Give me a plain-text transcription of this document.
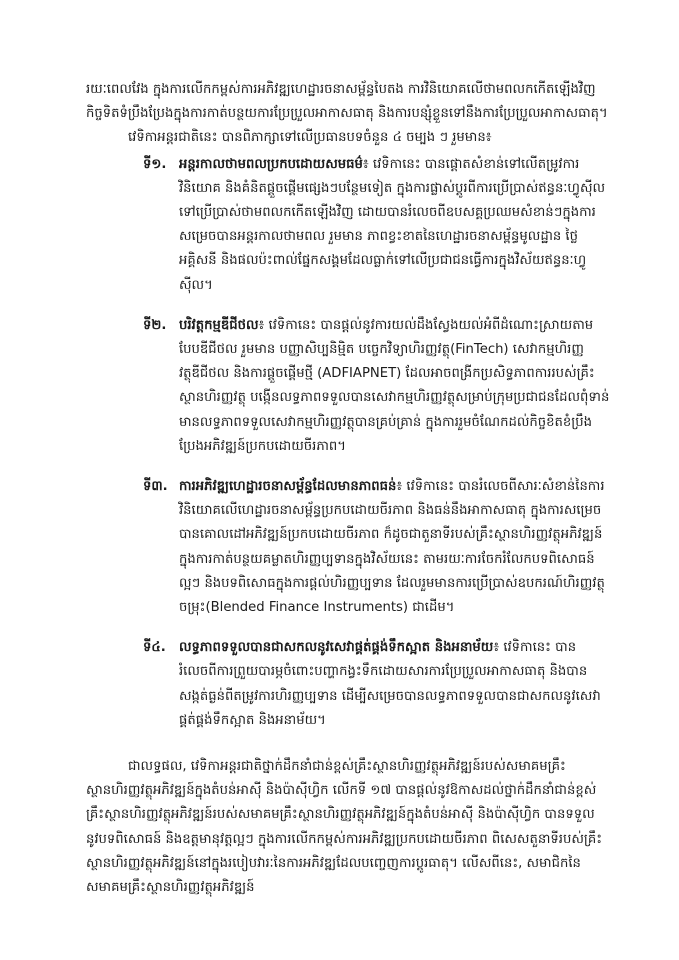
រយៈពេលវែង ក្នុងការលើកកម្ពស់ការអភិវឌ្ឍហេដ្ឋារចនាសម្ព័ន្ធបៃតង ការវិនិយោគលើថាមពលកកើតឡើងវិញ កិច្ចទិតទំប្រឹងប្រែងក្នុងការកាត់បន្ថយការប្រែប្រួលអាកាសធាតុ និងការបន្សុំខ្លួនទៅនឹងការប្រែប្រួលអាកាសធាតុ។

វេទិកាអន្តរជាតិនេះ បានពិភាក្សាទៅលើប្រធានបទចំនួន ៤ ចម្បង ៗ រួមមាន៖

ទី១. អន្តរកាលថាមពលប្រកបដោយសមធម៌៖ វេទិកានេះ បានផ្តោតសំខាន់ទៅលើតម្រូវការវិនិយោគ និងគំនិតផ្តួចផ្តើមផ្សេងៗបន្ថែមទៀត ក្នុងការផ្លាស់ប្តូរពីការប្រើប្រាស់ឥន្ធនៈហ្វូស៊ីលទៅប្រើប្រាស់ថាមពលកកើតឡើងវិញ ដោយបានរំលេចពីឧបសគ្គប្រឈមសំខាន់ៗក្នុងការសម្រេចបានអន្តរកាលថាមពល រួមមាន ភាពខ្វះខាតនៃហេដ្ឋារចនាសម្ព័ន្ធមូលដ្ឋាន ថ្លៃអគ្គិសនី និងផលប៉ះពាល់ផ្នែកសង្គមដែលធ្លាក់ទៅលើប្រជាជនធ្វើការក្នុងវិស័យឥន្ធនៈហ្វូស៊ីល។
ទី២. បរិវត្តកម្មឌីជីថល៖ វេទិកានេះ បានផ្តល់នូវការយល់ដឹងស្វែងយល់អំពីដំណោះស្រាយតាមបែបឌីជីថល រួមមាន បញ្ញាសិប្បនិម្មិត បច្ចេកវិទ្យាហិរញ្ញវត្ថុ(FinTech) សេវាកម្មហិរញ្ញវត្ថុឌីជីថល និងការផ្តួចផ្តើមថ្មី (ADFIAPNET) ដែលអាចពង្រីកប្រសិទ្ធភាពការរបស់គ្រឹះស្ថានហិរញ្ញវត្ថុ បង្កើនលទ្ធភាពទទួលបានសេវាកម្មហិរញ្ញវត្ថុសម្រាប់ក្រុមប្រជាជនដែលពុំទាន់មានលទ្ធភាពទទួលសេវាកម្មហិរញ្ញវត្ថុបានគ្រប់គ្រាន់ ក្នុងការរួមចំណែកដល់កិច្ចខិតខំប្រឹងប្រែងអភិវឌ្ឍន៍ប្រកបដោយចីរភាព។
ទី៣. ការអភិវឌ្ឍហេដ្ឋារចនាសម្ព័ន្ធដែលមានភាពធន់៖ វេទិកានេះ បានរំលេចពីសារៈសំខាន់នៃការវិនិយោគលើហេដ្ឋារចនាសម្ព័ន្ធប្រកបដោយចីរភាព និងធន់នឹងអាកាសធាតុ ក្នុងការសម្រេចបានគោលដៅអភិវឌ្ឍន៍ប្រកបដោយចីរភាព ក៏ដូចជាតួនាទីរបស់គ្រឹះស្ថានហិរញ្ញវត្ថុអភិវឌ្ឍន៍ក្នុងការកាត់បន្ថយគម្លាតហិរញ្ញប្បទានក្នុងវិស័យនេះ តាមរយៈការចែករំលែកបទពិសោធន៍ល្អៗ និងបទពិសោធក្នុងការផ្តល់ហិរញ្ញប្បទាន ដែលរួមមានការប្រើប្រាស់ឧបករណ៍ហិរញ្ញវត្ថុចម្រុះ(Blended Finance Instruments) ជាដើម។
ទី៤.	លទ្ធភាពទទួលបានជាសកលនូវសេវាផ្គត់ផ្គង់ទឹកស្អាត និងអនាម័យ៖ វេទិកានេះ បានរំលេចពីការព្រួយបារម្ភចំពោះបញ្ហាកង្វះទឹកដោយសារការប្រែប្រួលអាកាសធាតុ និងបានសង្កត់ធ្ងន់ពីតម្រូវការហិរញ្ញប្បទាន ដើម្បីសម្រេចបានលទ្ធភាពទទួលបានជាសកលនូវសេវាផ្គត់ផ្គង់ទឹកស្អាត និងអនាម័យ។

ជាលទ្ធផល, វេទិកាអន្តរជាតិថ្នាក់ដឹកនាំជាន់ខ្ពស់គ្រឹះស្ថានហិរញ្ញវត្ថុអភិវឌ្ឍន៍របស់សមាគមគ្រឹះស្ថានហិរញ្ញវត្ថុអភិវឌ្ឍន៍ក្នុងតំបន់អាស៊ី និងប៉ាស៊ីហ្វិក លើកទី ១៧ បានផ្តល់នូវឱកាសដល់ថ្នាក់ដឹកនាំជាន់ខ្ពស់គ្រឹះស្ថានហិរញ្ញវត្ថុអភិវឌ្ឍន៍របស់សមាគមគ្រឹះស្ថានហិរញ្ញវត្ថុអភិវឌ្ឍន៍ក្នុងតំបន់អាស៊ី និងប៉ាស៊ីហ្វិក បានទទួលនូវបទពិសោធន៍ និងឧត្តមានុវត្តល្អៗ ក្នុងការលើកកម្ពស់ការអភិវឌ្ឍប្រកបដោយចីរភាព ពិសេសតួនាទីរបស់គ្រឹះស្ថានហិរញ្ញវត្ថុអភិវឌ្ឍន៍នៅក្នុងរបៀបវារៈនៃការអភិវឌ្ឍដែលបញ្ចេញការប្តូរធាតុ។ លើសពីនេះ, សមាជិកនៃសមាគមគ្រឹះស្ថានហិរញ្ញវត្ថុអភិវឌ្ឍន៍
